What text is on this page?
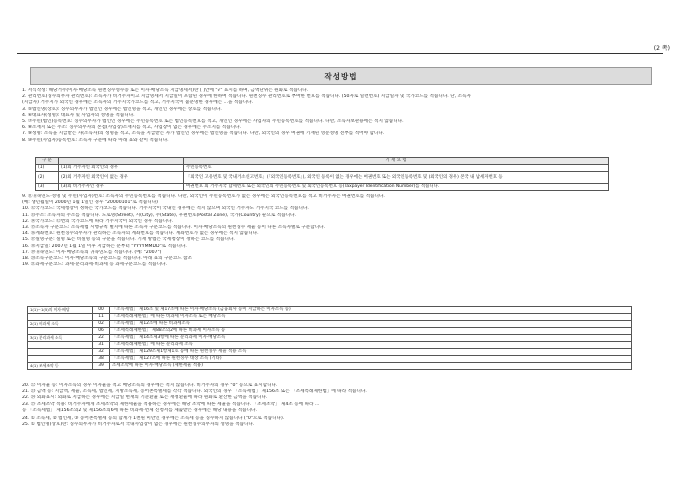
(2 쪽)
작성방법
1. 서식작성: 해당거주(이자·배당소득 원천징수영수증 또는 이자·배당소득 지급명세서)란 [ ]안에 "√" 표시를 하며, 금액단위는 원화로 적습니다.
2. 관리번호(징수의무자 관리번호): 소득자가 비거주자이고 지급명세서 지급일이 포함된 경우에 한하여 적습니다. 원천징수 관리번호로 부여한 번호를 적습니다. (50자로 일련번호) 지급일자 및 국가코드를 적습니다. 단, 소득자
(지급자) 거주지가 외국인 경우에는 소득자의 거주지국가코드를 적고, 거주지국이 불분명한 경우에는 ...을 적습니다.
3. ⑤법인명(상호): 징수의무자가 법인인 경우에는 법인명을 적고, 개인인 경우에는 상호를 적습니다.
4. ⑥대표자(성명): 대표자 및 사업자의 성명을 적습니다.
5. ⑦주민(법인)등록번호: 징수의무자가 법인인 경우에는 주민등록번호 또는 법인등록번호를 적고, 개인인 경우에는 사업자의 주민등록번호를 적습니다. 다만, 소득자보관용에는 적지 않습니다.
6. ⑧소재지 또는 주소: 징수의무자의 본점(사업장)소재지를 적고, 사업장이 없는 경우에는 주소지를 적습니다.
7. ⑨성명: 소득을 지급받는 자(소득자)의 성명을 적고, 소득을 지급받는 자가 법인인 경우에는 법인명을 적습니다. 다만, 외국인의 경우 여권에 기재된 영문성명 전부를 적어야 합니다.
8. ⑩주민(사업자)등록번호: 소득자 구분에 따라 아래 표와 같이 적습니다.
구 분		기 재 요 령
(1)	(1)외 거주자인 외국인의 경우	주민등록번호
(2)	(2)외 거주자인 외국인이 없는 경우	「외국인 고유번호 및 국내거소신고번호」(「외국인등록번호」), 외국인 등록이 없는 경우에는 여권번호 또는 외국인등록번호 및 (외국인의 경우) 본국 내 납세자번호 등
(3)	(3)외 비거주자인 경우	여권번호 외 거주지국 납세번호 또는 외국인의 주민등록번호 및 외국인등록번호 등(Taxpayer Identification Number)를 적습니다.
9. ⑪귀속연도·성명 및 주민(사업자)번호: 소득자의 주민등록번호를 적습니다. 다만, 외국인이 주민등록번호가 없는 경우에는 외국인등록번호를 적고 비거주자는 여권번호를 적습니다.
(예: 생년월일이 2000년 1월 1일인 경우 "20000101"로 적습니다)
10. ⑫국가코드: 국세청장이 정하는 국가코드를 적습니다. 거주지국이 국내인 경우에는 적지 않으며 외국인 거주자도 거주지국 코드를 적습니다.
11. ⑬주소: 소득자의 주소를 적습니다. 도로명(Street), 시(City), 주(State), 우편번호(Postal Zone), 국가(Country) 순으로 적습니다.
12. ⑭국가코드: ⑫번의 국가코드에 따라 거주지국이 외국인 경우 적습니다.
13. ⑮소득자 구분코드: 소득세법 시행규칙 별지에 따른 소득자 구분코드를 적습니다. 이자·배당소득의 원천징수 세율 등이 다른 소득자별로 구분합니다.
14. ⑯계좌번호: 원천징수의무자가 관리하는 소득자의 계좌번호를 적습니다. 계좌번호가 없는 경우에는 적지 않습니다.
15. ⑰실명구분: 실명 또는 비실명 등의 구분을 적습니다. 기재 방법은 국세청장이 정하는 코드를 적습니다.
16. ⑱지급일: 2007년 1월 1일 이후 지급하는 분부터 "YYYYMMDD"로 적습니다.
17. ⑲귀속연도: 이자·배당소득의 귀속연도를 적습니다. (예: "2007")
18. ⑳소득구분코드: 이자·배당소득의 구분코드를 적습니다. 아래 표의 구분코드 참조
19. ㉑과세구분코드: 과세·분리과세·비과세 등 과세구분코드를 적습니다.
1(1)~1(5)의 이자·배당	00	「소득세법」 제16조 및 제17조에 따른 이자·배당소득 (금융회사 등이 지급하는 이자소득 등)
	11	「조세특례제한법」에 따른 비과세 이자소득 또는 배당소득
2(1) 비과세 소득	02	「소득세법」 제12조에 따른 비과세소득
	06	「조세특례제한법」 제88조의2에 따른 비과세 이자소득 등
3(1) 분리과세 소득	22	「소득세법」 제14조제3항에 따른 분리과세 이자·배당소득
	31	「조세특례제한법」에 따른 분리과세 소득
	32	「소득세법」 제129조제1항제1호 등에 따른 원천징수 세율 적용 소득
	38	「소득세법」 제127조에 따른 원천징수 대상 소득 (기타)
4(1) 조세조약 등	39	조세조약에 따른 이자·배당소득 (제한세율 적용)
20. ㉒ 이자율 등: 이자소득의 경우 이자율을 적고 배당소득의 경우에는 적지 않습니다. 비거주자의 경우 "0" 등으로 표시합니다.
21. ㉓ 금액 등: 지급액, 세율, 소득세, 법인세, 지방소득세, 농어촌특별세를 각각 적습니다. 외국인의 경우 「소득세법」 제156조 또는 「조세특례제한법」에 따라 적습니다.
22. ㉔ 외화표시: 외화로 지급하는 경우에는 지급일 현재의 기준환율 또는 재정환율에 따라 원화로 환산한 금액을 적습니다.
23. ㉕ 조세조약 적용: 비거주자에게 조세조약의 제한세율을 적용하는 경우에는 해당 조약에 따른 세율을 적습니다. 「조세조약」 제4조 등에 따라 ...
등 「소득세법」 제156조의2 및 제156조의6에 따른 비과세·면제 신청서를 제출받은 경우에는 해당 내용을 적습니다.
24. ① 소득세, ② 법인세, ③ 농어촌특별세 등의 합계가 1천원 미만인 경우에는 소득세 등을 징수하지 않습니다 ("0"으로 적습니다).
25. ① 법인명(상호)란: 징수의무자가 비거주자로서 국내사업장이 없는 경우에는 원천징수의무자의 성명을 적습니다.
